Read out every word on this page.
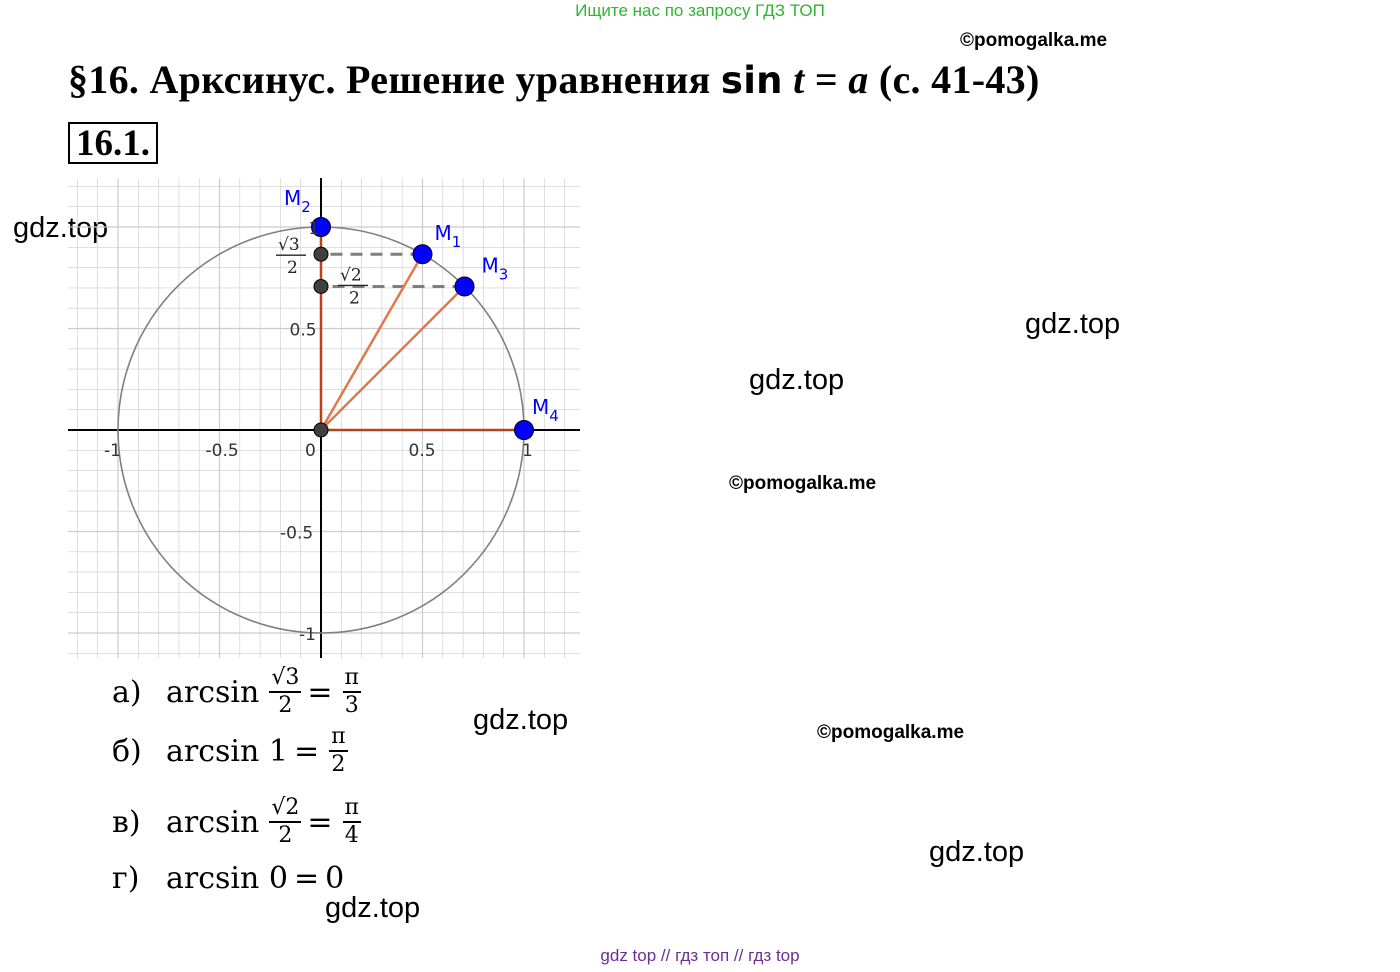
Ищите нас по запросу ГДЗ ТОП
©pomogalka.me
©pomogalka.me
©pomogalka.me
§16. Арксинус. Решение уравнения sin t = a (с. 41-43)
16.1.
gdz.top
gdz.top
gdz.top
gdz.top
gdz.top
gdz.top
-1	-0.5	0	0.5	1
1
0.5
-0.5
-1
√3
2 √2
2
$M_1$
$M_2$
$M_3$
$M_4$
а) $\arcsin \frac{√3}{2} = \frac{\pi}{3}$
б) $\arcsin 1 = \frac{\pi}{2}$
в) $\arcsin \frac{√2}{2} = \frac{\pi}{4}$
г) arcsin 0 = 0
gdz top // гдз топ // гдз top
